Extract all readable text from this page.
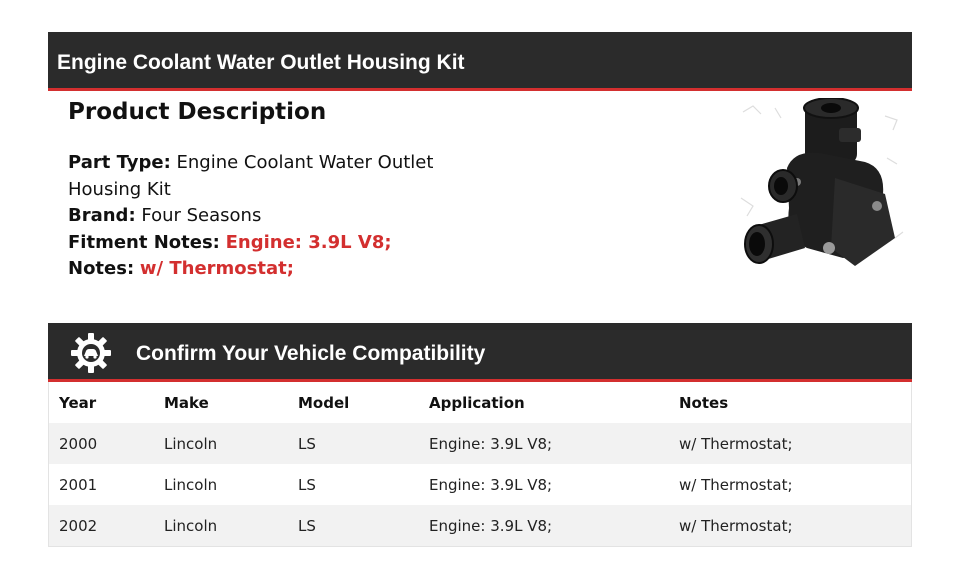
Engine Coolant Water Outlet Housing Kit
Product Description
Part Type: Engine Coolant Water Outlet Housing Kit
Brand: Four Seasons
Fitment Notes: Engine: 3.9L V8;
Notes: w/ Thermostat;
Confirm Your Vehicle Compatibility
Year	Make	Model	Application	Notes
2000	Lincoln	LS	Engine: 3.9L V8;	w/ Thermostat;
2001	Lincoln	LS	Engine: 3.9L V8;	w/ Thermostat;
2002	Lincoln	LS	Engine: 3.9L V8;	w/ Thermostat;
